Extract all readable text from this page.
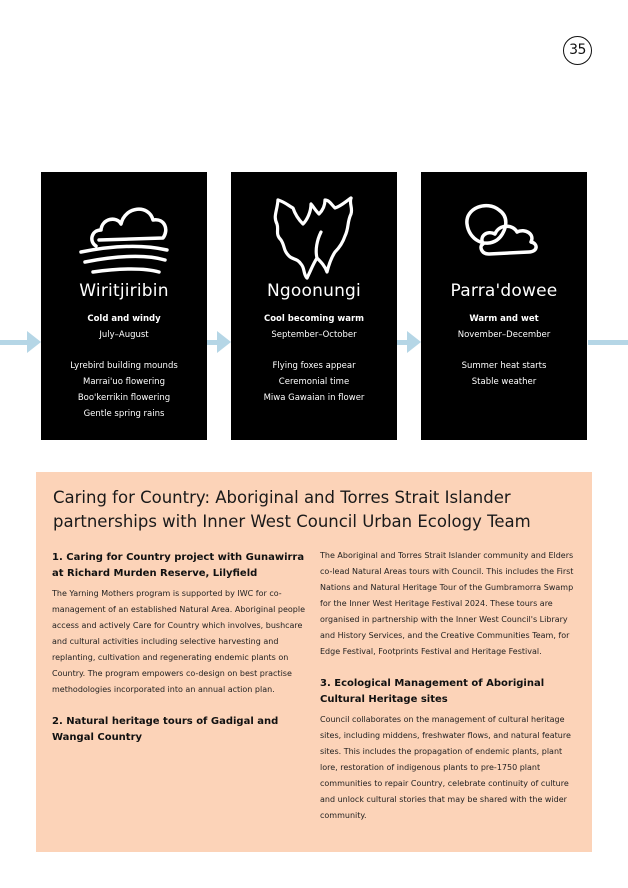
35
Wiritjiribin
Cold and windy
July–August
Lyrebird building mounds
Marrai'uo flowering
Boo'kerrikin flowering
Gentle spring rains
Ngoonungi
Cool becoming warm
September–October
Flying foxes appear
Ceremonial time
Miwa Gawaian in flower
Parra'dowee
Warm and wet
November–December
Summer heat starts
Stable weather
Caring for Country: Aboriginal and Torres Strait Islander partnerships with Inner West Council Urban Ecology Team
1. Caring for Country project with Gunawirra at Richard Murden Reserve, Lilyfield

The Yarning Mothers program is supported by IWC for co-management of an established Natural Area. Aboriginal people access and actively Care for Country which involves, bushcare and cultural activities including selective harvesting and replanting, cultivation and regenerating endemic plants on Country. The program empowers co-design on best practise methodologies incorporated into an annual action plan.

2. Natural heritage tours of Gadigal and Wangal Country

The Aboriginal and Torres Strait Islander community and Elders co-lead Natural Areas tours with Council. This includes the First Nations and Natural Heritage Tour of the Gumbramorra Swamp for the Inner West Heritage Festival 2024. These tours are organised in partnership with the Inner West Council's Library and History Services, and the Creative Communities Team, for Edge Festival, Footprints Festival and Heritage Festival.

3. Ecological Management of Aboriginal Cultural Heritage sites

Council collaborates on the management of cultural heritage sites, including middens, freshwater flows, and natural feature sites. This includes the propagation of endemic plants, plant lore, restoration of indigenous plants to pre-1750 plant communities to repair Country, celebrate continuity of culture and unlock cultural stories that may be shared with the wider community.
